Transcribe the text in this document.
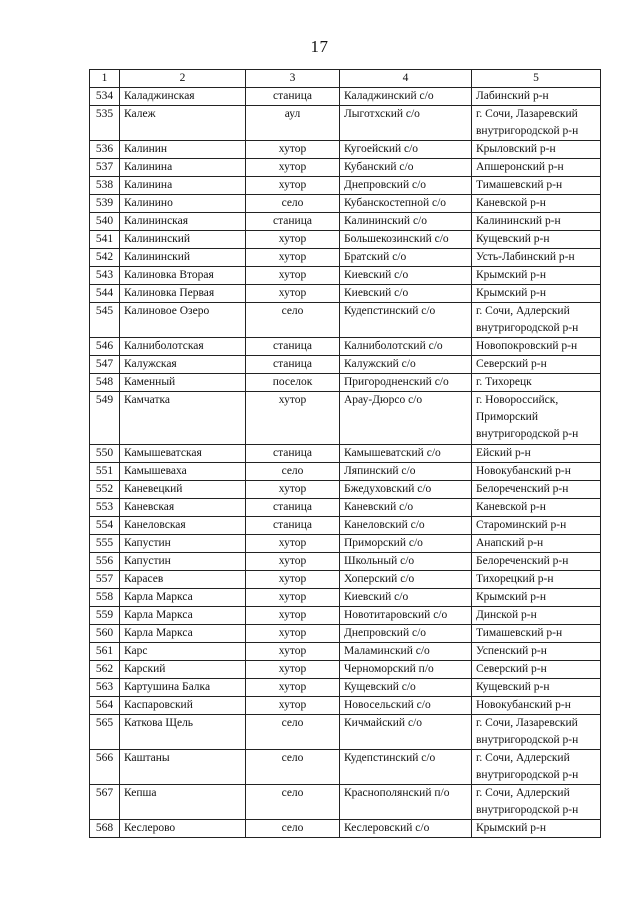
17
1	2	3	4	5
534	Каладжинская	станица	Каладжинский с/о	Лабинский р-н
535	Калеж	аул	Лыготхский с/о	г. Сочи, Лазаревский внутригородской р-н
536	Калинин	хутор	Кугоейский с/о	Крыловский р-н
537	Калинина	хутор	Кубанский с/о	Апшеронский р-н
538	Калинина	хутор	Днепровский с/о	Тимашевский р-н
539	Калинино	село	Кубанскостепной с/о	Каневской р-н
540	Калининская	станица	Калининский с/о	Калининский р-н
541	Калининский	хутор	Большекозинский с/о	Кущевский р-н
542	Калининский	хутор	Братский с/о	Усть-Лабинский р-н
543	Калиновка Вторая	хутор	Киевский с/о	Крымский р-н
544	Калиновка Первая	хутор	Киевский с/о	Крымский р-н
545	Калиновое Озеро	село	Кудепстинский с/о	г. Сочи, Адлерский внутригородской р-н
546	Калниболотская	станица	Калниболотский с/о	Новопокровский р-н
547	Калужская	станица	Калужский с/о	Северский р-н
548	Каменный	поселок	Пригородненский с/о	г. Тихорецк
549	Камчатка	хутор	Арау-Дюрсо с/о	г. Новороссийск, Приморский внутригородской р-н
550	Камышеватская	станица	Камышеватский с/о	Ейский р-н
551	Камышеваха	село	Ляпинский с/о	Новокубанский р-н
552	Каневецкий	хутор	Бжедуховский с/о	Белореченский р-н
553	Каневская	станица	Каневский с/о	Каневской р-н
554	Канеловская	станица	Канеловский с/о	Староминский р-н
555	Капустин	хутор	Приморский с/о	Анапский р-н
556	Капустин	хутор	Школьный с/о	Белореченский р-н
557	Карасев	хутор	Хоперский с/о	Тихорецкий р-н
558	Карла Маркса	хутор	Киевский с/о	Крымский р-н
559	Карла Маркса	хутор	Новотитаровский с/о	Динской р-н
560	Карла Маркса	хутор	Днепровский с/о	Тимашевский р-н
561	Карс	хутор	Маламинский с/о	Успенский р-н
562	Карский	хутор	Черноморский п/о	Северский р-н
563	Картушина Балка	хутор	Кущевский с/о	Кущевский р-н
564	Каспаровский	хутор	Новосельский с/о	Новокубанский р-н
565	Каткова Щель	село	Кичмайский с/о	г. Сочи, Лазаревский внутригородской р-н
566	Каштаны	село	Кудепстинский с/о	г. Сочи, Адлерский внутригородской р-н
567	Кепша	село	Краснополянский п/о	г. Сочи, Адлерский внутригородской р-н
568	Кеслерово	село	Кеслеровский с/о	Крымский р-н
